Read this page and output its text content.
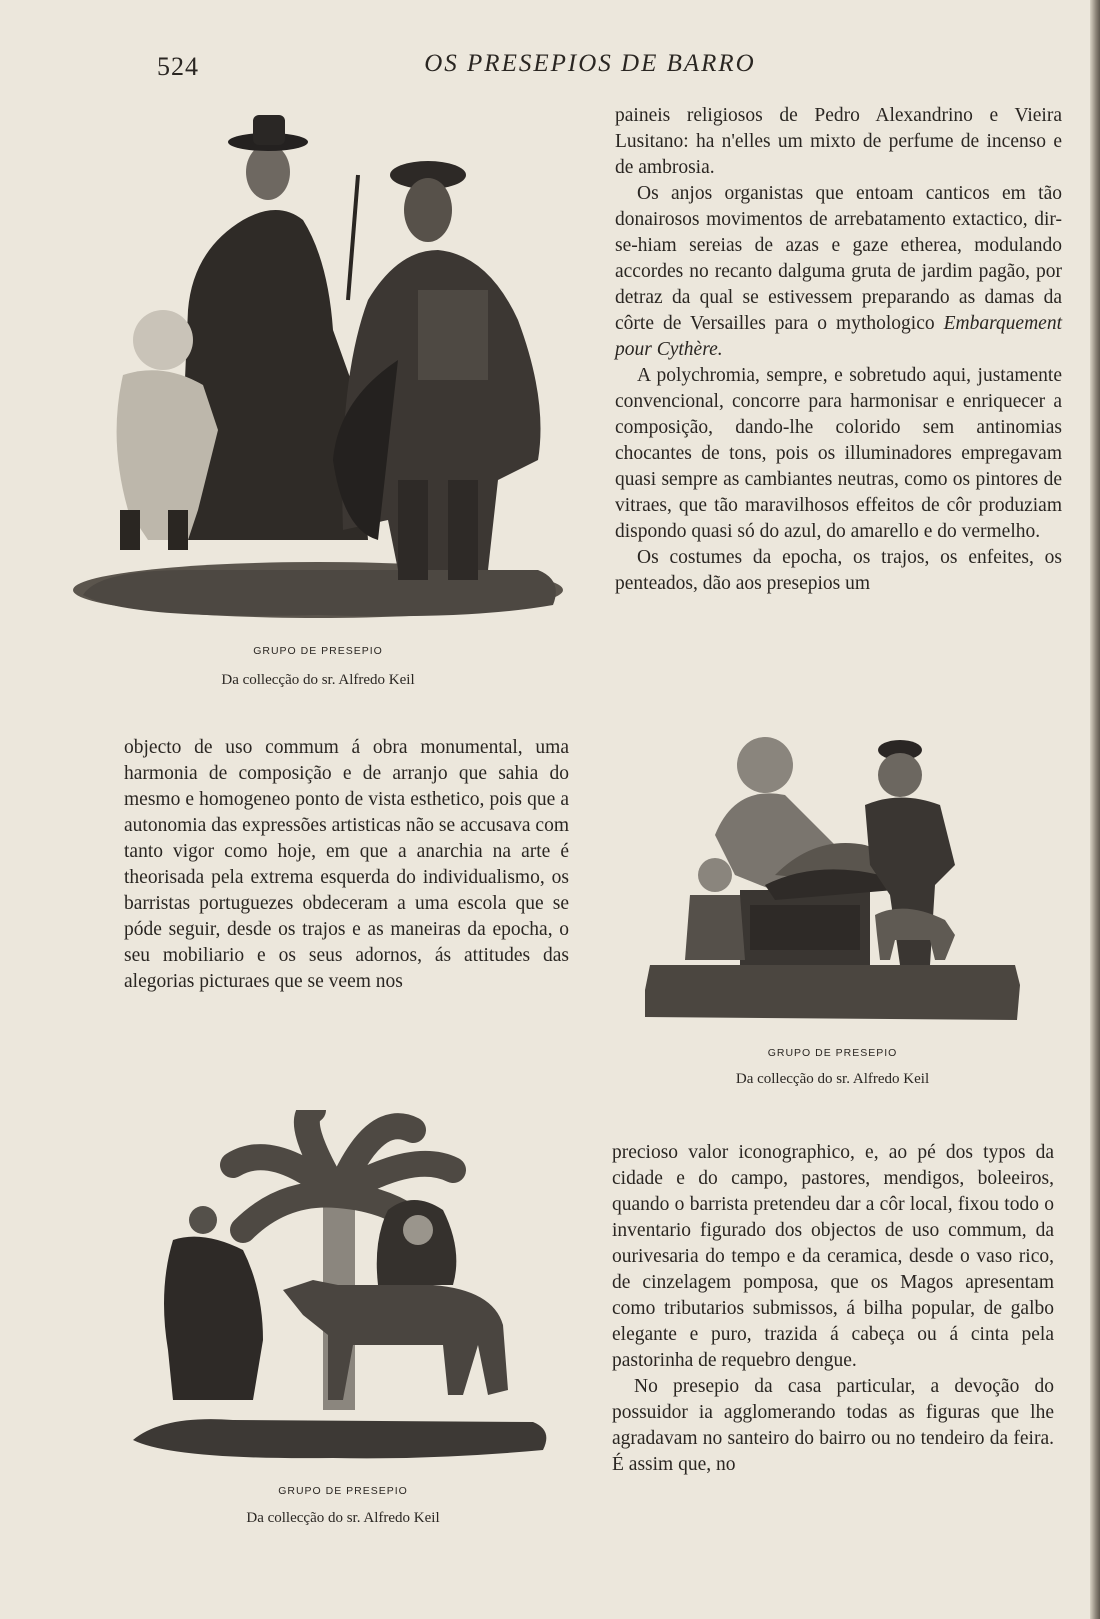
524	OS PRESEPIOS DE BARRO
GRUPO DE PRESEPIO
Da collecção do sr. Alfredo Keil

paineis religiosos de Pedro Alexandrino e Vieira Lusitano: ha n'elles um mixto de perfume de incenso e de ambrosia.

Os anjos organistas que entoam canticos em tão donairosos movimentos de arrebatamento extactico, dir-se-hiam sereias de azas e gaze etherea, modulando accordes no recanto dalguma gruta de jardim pagão, por detraz da qual se estivessem preparando as damas da côrte de Versailles para o mythologico Embarquement pour Cythère.

A polychromia, sempre, e sobretudo aqui, justamente convencional, concorre para harmonisar e enriquecer a composição, dando-lhe colorido sem antinomias chocantes de tons, pois os illuminadores empregavam quasi sempre as cambiantes neutras, como os pintores de vitraes, que tão maravilhosos effeitos de côr produziam dispondo quasi só do azul, do amarello e do vermelho.

Os costumes da epocha, os trajos, os enfeites, os penteados, dão aos presepios um

objecto de uso commum á obra monumental, uma harmonia de composição e de arranjo que sahia do mesmo e homogeneo ponto de vista esthetico, pois que a autonomia das expressões artisticas não se accusava com tanto vigor como hoje, em que a anarchia na arte é theorisada pela extrema esquerda do individualismo, os barristas portuguezes obdeceram a uma escola que se póde seguir, desde os trajos e as maneiras da epocha, o seu mobiliario e os seus adornos, ás attitudes das alegorias picturaes que se veem nos

GRUPO DE PRESEPIO
Da collecção do sr. Alfredo Keil
GRUPO DE PRESEPIO
Da collecção do sr. Alfredo Keil

precioso valor iconographico, e, ao pé dos typos da cidade e do campo, pastores, mendigos, boleeiros, quando o barrista pretendeu dar a côr local, fixou todo o inventario figurado dos objectos de uso commum, da ourivesaria do tempo e da ceramica, desde o vaso rico, de cinzelagem pomposa, que os Magos apresentam como tributarios submissos, á bilha popular, de galbo elegante e puro, trazida á cabeça ou á cinta pela pastorinha de requebro dengue.

No presepio da casa particular, a devoção do possuidor ia agglomerando todas as figuras que lhe agradavam no santeiro do bairro ou no tendeiro da feira. É assim que, no
